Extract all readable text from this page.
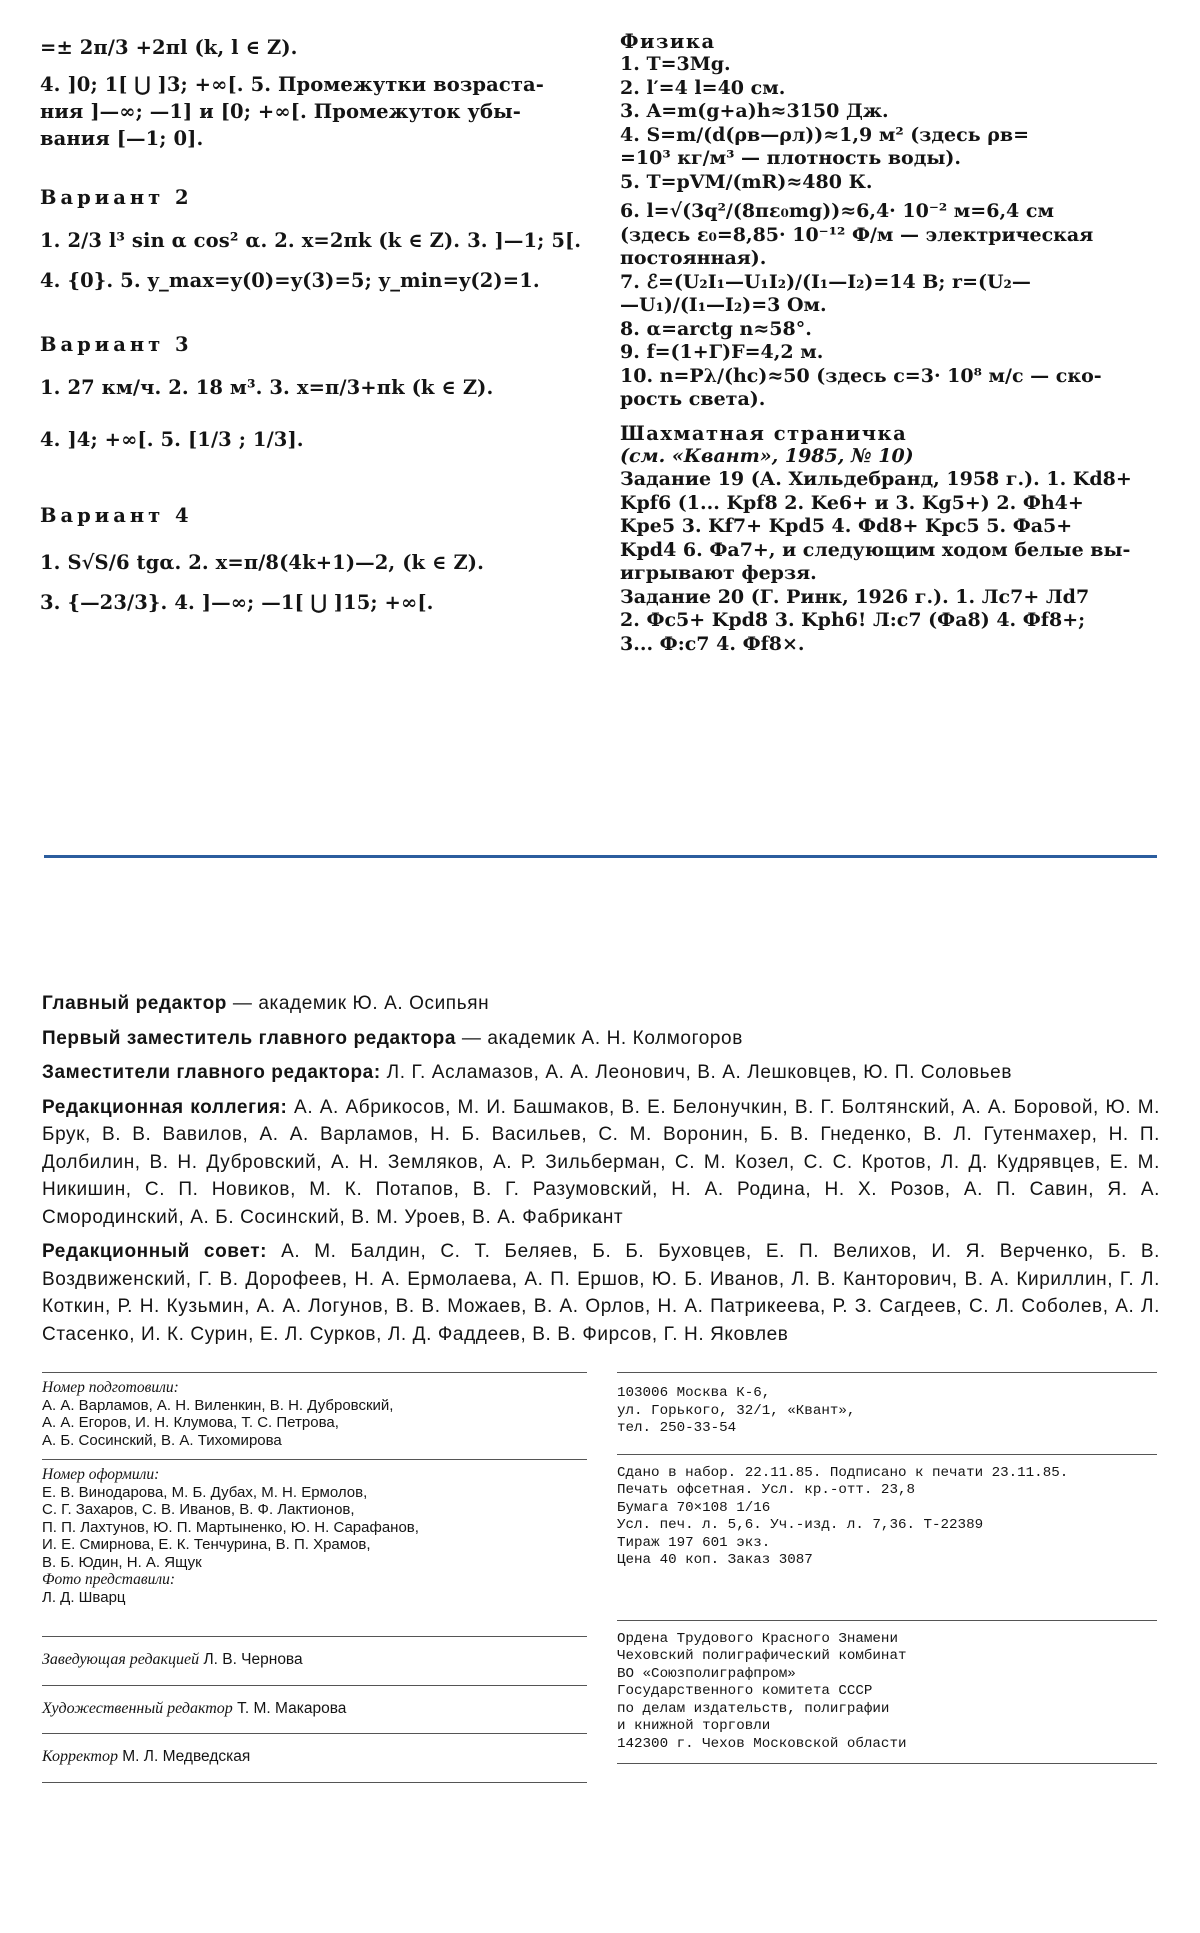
=± 2π/3 +2πl (k, l ∈ Z).
4. ]0; 1[ ⋃ ]3; +∞[. 5. Промежутки возраста-
ния ]—∞; —1] и [0; +∞[. Промежуток убы-
вания [—1; 0].
Вариант 2
1. 2/3 l³ sin α cos² α. 2. x=2πk (k ∈ Z). 3. ]—1; 5[.
4. {0}. 5. y_max=y(0)=y(3)=5; y_min=y(2)=1.
Вариант 3
1. 27 км/ч. 2. 18 м³. 3. x=π/3+πk (k ∈ Z).
4. ]4; +∞[. 5. [1/3 ; 1/3].
Вариант 4
1. S√S/6 tgα. 2. x=π/8(4k+1)—2, (k ∈ Z).
3. {—23/3}. 4. ]—∞; —1[ ⋃ ]15; +∞[.
Физика
1. T=3Mg.
2. l′=4 l=40 см.
3. A=m(g+a)h≈3150 Дж.
4. S=m/(d(ρв—ρл))≈1,9 м² (здесь ρв=
=10³ кг/м³ — плотность воды).
5. T=pVM/(mR)≈480 К.
6. l=√(3q²/(8πε₀mg))≈6,4· 10⁻² м=6,4 см
(здесь ε₀=8,85· 10⁻¹² Ф/м — электрическая
постоянная).
7. ℰ=(U₂I₁—U₁I₂)/(I₁—I₂)=14 В; r=(U₂—
—U₁)/(I₁—I₂)=3 Ом.
8. α=arctg n≈58°.
9. f=(1+Γ)F=4,2 м.
10. n=Pλ/(hc)≈50 (здесь c=3· 10⁸ м/с — ско-
рость света).
Шахматная страничка
(см. «Квант», 1985, № 10)
Задание 19 (А. Хильдебранд, 1958 г.). 1. Kd8+
Kpf6 (1... Kpf8 2. Ke6+ и 3. Kg5+) 2. Фh4+
Kpe5 3. Kf7+ Kpd5 4. Фd8+ Kpc5 5. Фa5+
Kpd4 6. Фa7+, и следующим ходом белые вы-
игрывают ферзя.
Задание 20 (Г. Ринк, 1926 г.). 1. Лc7+ Лd7
2. Фc5+ Kpd8 3. Kph6! Л:c7 (Фa8) 4. Фf8+;
3... Ф:c7 4. Фf8×.

Главный редактор — академик Ю. А. Осипьян

Первый заместитель главного редактора — академик А. Н. Колмогоров

Заместители главного редактора: Л. Г. Асламазов, А. А. Леонович, В. А. Лешковцев, Ю. П. Соловьев

Редакционная коллегия: А. А. Абрикосов, М. И. Башмаков, В. Е. Белонучкин, В. Г. Болтянский, А. А. Боровой, Ю. М. Брук, В. В. Вавилов, А. А. Варламов, Н. Б. Васильев, С. М. Воронин, Б. В. Гнеденко, В. Л. Гутенмахер, Н. П. Долбилин, В. Н. Дубровский, А. Н. Земляков, А. Р. Зильберман, С. М. Козел, С. С. Кротов, Л. Д. Кудрявцев, Е. М. Никишин, С. П. Новиков, М. К. Потапов, В. Г. Разумовский, Н. А. Родина, Н. Х. Розов, А. П. Савин, Я. А. Смородинский, А. Б. Сосинский, В. М. Уроев, В. А. Фабрикант

Редакционный совет: А. М. Балдин, С. Т. Беляев, Б. Б. Буховцев, Е. П. Велихов, И. Я. Верченко, Б. В. Воздвиженский, Г. В. Дорофеев, Н. А. Ермолаева, А. П. Ершов, Ю. Б. Иванов, Л. В. Канторович, В. А. Кириллин, Г. Л. Коткин, Р. Н. Кузьмин, А. А. Логунов, В. В. Можаев, В. А. Орлов, Н. А. Патрикеева, Р. З. Сагдеев, С. Л. Соболев, А. Л. Стасенко, И. К. Сурин, Е. Л. Сурков, Л. Д. Фаддеев, В. В. Фирсов, Г. Н. Яковлев

Номер подготовили:
А. А. Варламов, А. Н. Виленкин, В. Н. Дубровский,
А. А. Егоров, И. Н. Клумова, Т. С. Петрова,
А. Б. Сосинский, В. А. Тихомирова
Номер оформили:
Е. В. Винодарова, М. Б. Дубах, М. Н. Ермолов,
С. Г. Захаров, С. В. Иванов, В. Ф. Лактионов,
П. П. Лахтунов, Ю. П. Мартыненко, Ю. Н. Сарафанов,
И. Е. Смирнова, Е. К. Тенчурина, В. П. Храмов,
В. Б. Юдин, Н. А. Ящук
Фото представили:
Л. Д. Шварц
Заведующая редакцией Л. В. Чернова
Художественный редактор Т. М. Макарова
Корректор М. Л. Медведская
103006 Москва К-6,
ул. Горького, 32/1, «Квант»,
тел. 250-33-54
Сдано в набор. 22.11.85. Подписано к печати 23.11.85.
Печать офсетная. Усл. кр.-отт. 23,8
Бумага 70×108 1/16
Усл. печ. л. 5,6. Уч.-изд. л. 7,36. Т-22389
Тираж 197 601 экз.
Цена 40 коп. Заказ 3087
Ордена Трудового Красного Знамени
Чеховский полиграфический комбинат
ВО «Союзполиграфпром»
Государственного комитета СССР
по делам издательств, полиграфии
и книжной торговли
142300 г. Чехов Московской области
